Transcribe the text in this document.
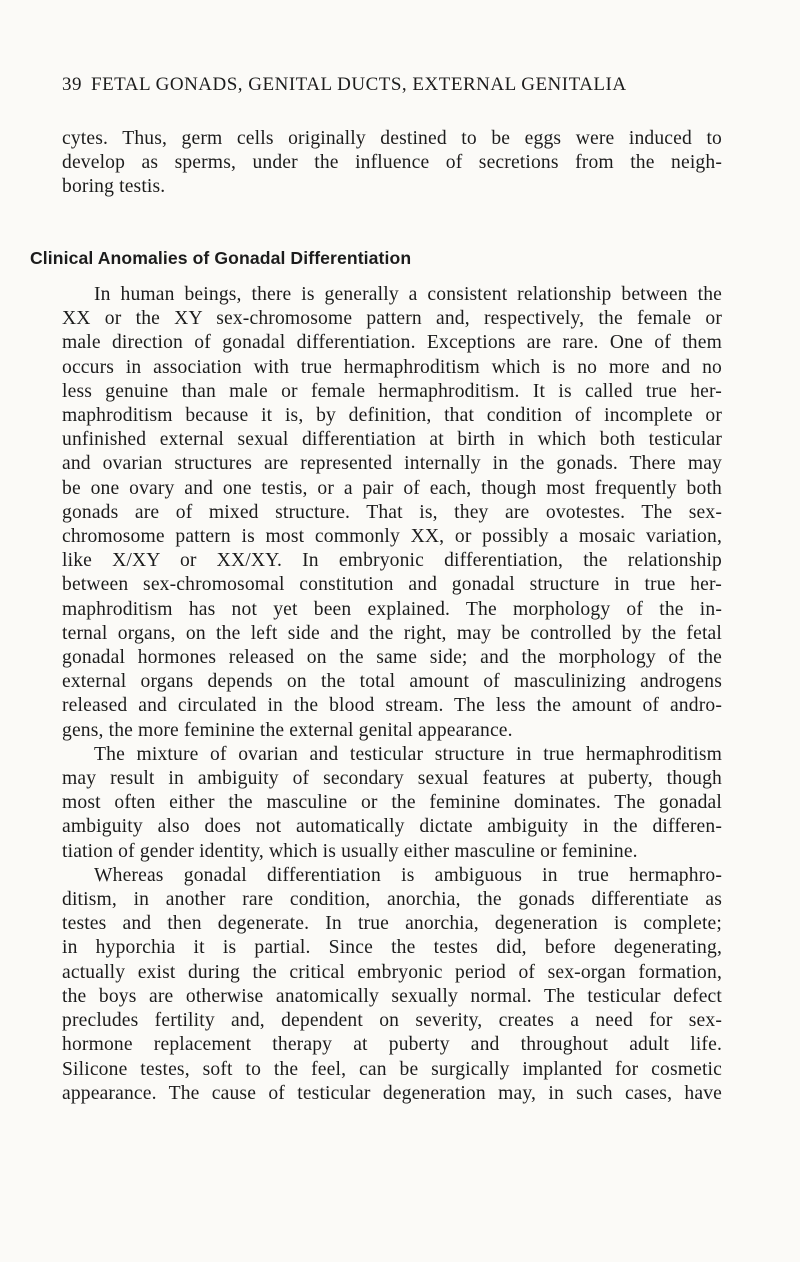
39 FETAL GONADS, GENITAL DUCTS, EXTERNAL GENITALIA
cytes. Thus, germ cells originally destined to be eggs were induced to
develop as sperms, under the influence of secretions from the neigh-
boring testis.
Clinical Anomalies of Gonadal Differentiation
In human beings, there is generally a consistent relationship between the
XX or the XY sex-chromosome pattern and, respectively, the female or
male direction of gonadal differentiation. Exceptions are rare. One of them
occurs in association with true hermaphroditism which is no more and no
less genuine than male or female hermaphroditism. It is called true her-
maphroditism because it is, by definition, that condition of incomplete or
unfinished external sexual differentiation at birth in which both testicular
and ovarian structures are represented internally in the gonads. There may
be one ovary and one testis, or a pair of each, though most frequently both
gonads are of mixed structure. That is, they are ovotestes. The sex-
chromosome pattern is most commonly XX, or possibly a mosaic variation,
like X/XY or XX/XY. In embryonic differentiation, the relationship
between sex-chromosomal constitution and gonadal structure in true her-
maphroditism has not yet been explained. The morphology of the in-
ternal organs, on the left side and the right, may be controlled by the fetal
gonadal hormones released on the same side; and the morphology of the
external organs depends on the total amount of masculinizing androgens
released and circulated in the blood stream. The less the amount of andro-
gens, the more feminine the external genital appearance.
The mixture of ovarian and testicular structure in true hermaphroditism
may result in ambiguity of secondary sexual features at puberty, though
most often either the masculine or the feminine dominates. The gonadal
ambiguity also does not automatically dictate ambiguity in the differen-
tiation of gender identity, which is usually either masculine or feminine.
Whereas gonadal differentiation is ambiguous in true hermaphro-
ditism, in another rare condition, anorchia, the gonads differentiate as
testes and then degenerate. In true anorchia, degeneration is complete;
in hyporchia it is partial. Since the testes did, before degenerating,
actually exist during the critical embryonic period of sex-organ formation,
the boys are otherwise anatomically sexually normal. The testicular defect
precludes fertility and, dependent on severity, creates a need for sex-
hormone replacement therapy at puberty and throughout adult life.
Silicone testes, soft to the feel, can be surgically implanted for cosmetic
appearance. The cause of testicular degeneration may, in such cases, have
